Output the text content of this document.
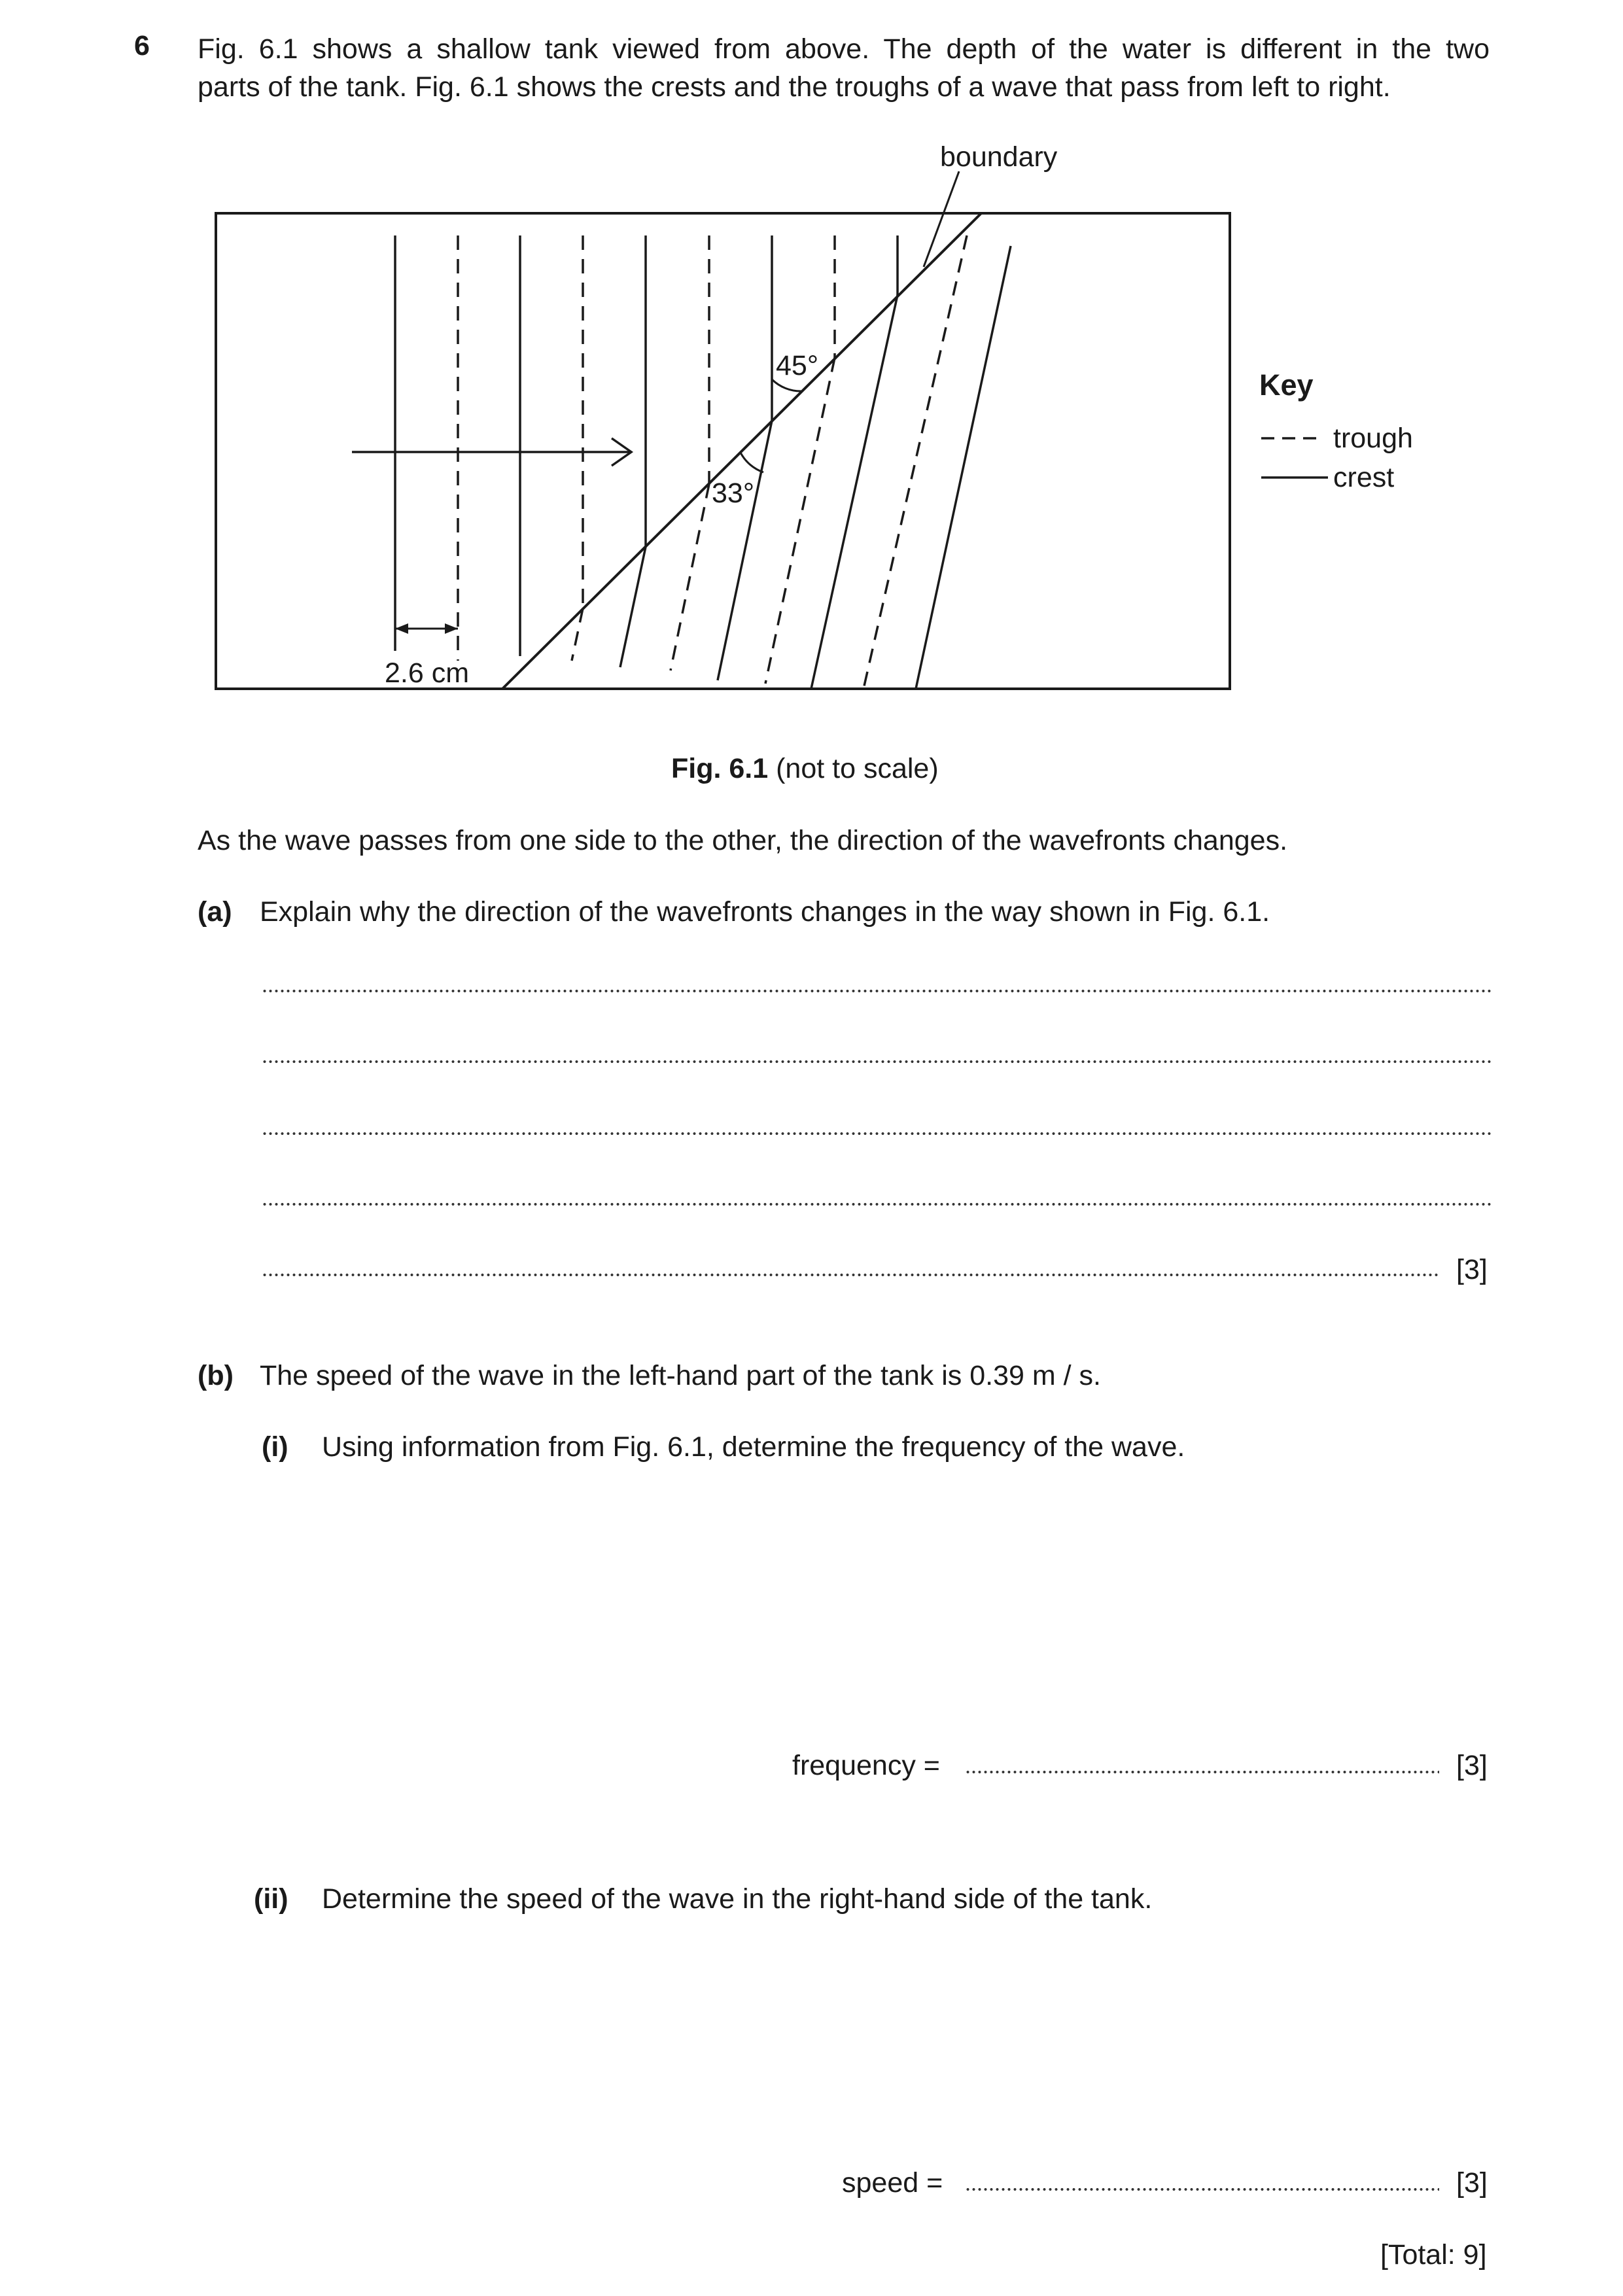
6 Fig. 6.1 shows a shallow tank viewed from above. The depth of the water is different in the two
parts of the tank. Fig. 6.1 shows the crests and the troughs of a wave that pass from left to right.
boundary
2.6 cm
45°
33°
Key
trough
crest
Fig. 6.1 (not to scale)
As the wave passes from one side to the other, the direction of the wavefronts changes.
(a) Explain why the direction of the wavefronts changes in the way shown in Fig. 6.1.
[3]
(b) The speed of the wave in the left-hand part of the tank is 0.39 m / s.
(i) Using information from Fig. 6.1, determine the frequency of the wave.
frequency =	[3]
(ii) Determine the speed of the wave in the right-hand side of the tank.
speed =	[3]
[Total: 9]
